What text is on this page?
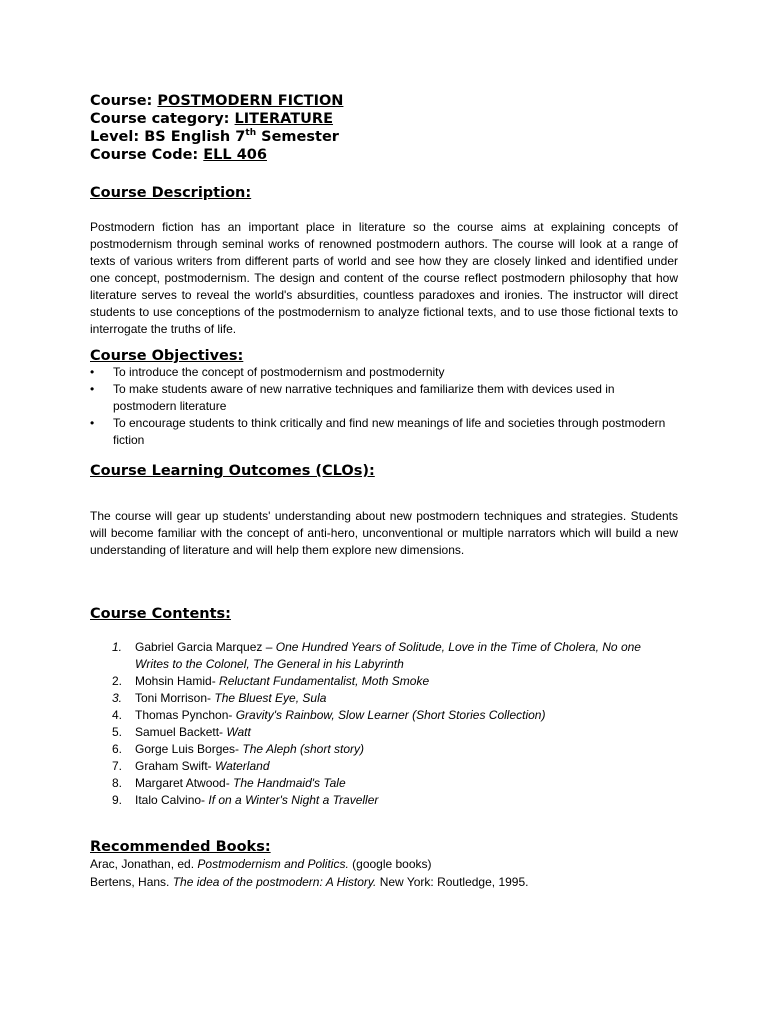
Course: POSTMODERN FICTION
Course category: LITERATURE
Level: BS English 7th Semester
Course Code: ELL 406
Course Description:

Postmodern fiction has an important place in literature so the course aims at explaining concepts of postmodernism through seminal works of renowned postmodern authors. The course will look at a range of texts of various writers from different parts of world and see how they are closely linked and identified under one concept, postmodernism. The design and content of the course reflect postmodern philosophy that how literature serves to reveal the world's absurdities, countless paradoxes and ironies. The instructor will direct students to use conceptions of the postmodernism to analyze fictional texts, and to use those fictional texts to interrogate the truths of life.

Course Objectives:
• To introduce the concept of postmodernism and postmodernity
• To make students aware of new narrative techniques and familiarize them with devices used in postmodern literature
• To encourage students to think critically and find new meanings of life and societies through postmodern fiction
Course Learning Outcomes (CLOs):

The course will gear up students' understanding about new postmodern techniques and strategies. Students will become familiar with the concept of anti-hero, unconventional or multiple narrators which will build a new understanding of literature and will help them explore new dimensions.

Course Contents:
1. Gabriel Garcia Marquez – One Hundred Years of Solitude, Love in the Time of Cholera, No one Writes to the Colonel, The General in his Labyrinth
2. Mohsin Hamid- Reluctant Fundamentalist, Moth Smoke
3. Toni Morrison- The Bluest Eye, Sula
4. Thomas Pynchon- Gravity's Rainbow, Slow Learner (Short Stories Collection)
5. Samuel Backett- Watt
6. Gorge Luis Borges- The Aleph (short story)
7. Graham Swift- Waterland
8. Margaret Atwood- The Handmaid's Tale
9. Italo Calvino- If on a Winter's Night a Traveller
Recommended Books:
Arac, Jonathan, ed. Postmodernism and Politics. (google books)
Bertens, Hans. The idea of the postmodern: A History. New York: Routledge, 1995.
